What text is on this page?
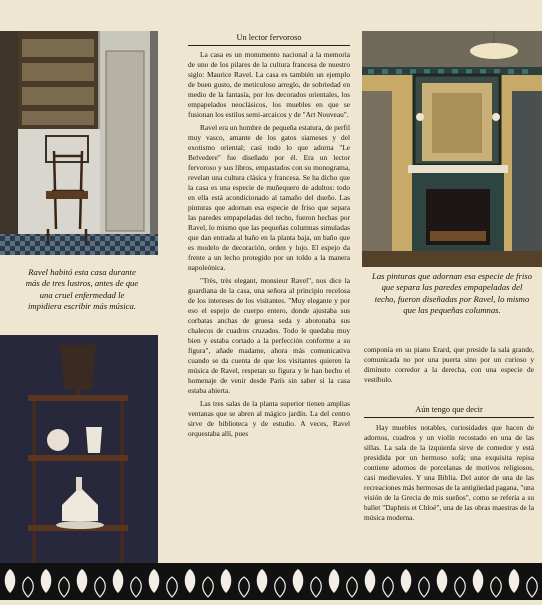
Ravel habitó esta casa durante más de tres lustros, antes de que una cruel enfermedad le impidiera escribir más música.
Las pinturas que adornan esa especie de friso que separa las paredes empapeladas del techo, fueron diseñadas por Ravel, lo mismo que las pequeñas columnas.
Un lector fervoroso

La casa es un monumento nacional a la memoria de uno de los pilares de la cultura francesa de nuestro siglo: Maurice Ravel. La casa es también un ejemplo de buen gusto, de meticuloso arreglo, de sobriedad en medio de la fantasía, por los decorados orientales, los empapelados neoclásicos, los muebles en que se fusionan los estilos semi-arcaicos y de "Art Nouveau".

Ravel era un hombre de pequeña estatura, de perfil muy vasco, amante de los gatos siameses y del exotismo oriental; casi todo lo que adorna "Le Belvedere" fue diseñado por él. Era un lector fervoroso y sus libros, empastados con su monograma, revelan una cultura clásica y francesa. Se ha dicho que la casa es una especie de muñequero de adultos: todo en ella está acondicionado al tamaño del dueño. Las pinturas que adornan esa especie de friso que separa las paredes empapeladas del techo, fueron hechas por Ravel, lo mismo que las pequeñas columnas simuladas que dan entrada al baño en la planta baja, un baño que es modelo de decoración, orden y lujo. El espejo da frente a un lecho protegido por un toldo a la manera napoleónica.

"Très, très elegant, monsieur Ravel", nos dice la guardiana de la casa, una señora al principio recelosa de los intereses de los visitantes. "Muy elegante y por eso el espejo de cuerpo entero, donde ajustaba sus corbatas anchas de gruesa seda y abotonaba sus chalecos de cuadros cruzados. Todo le quedaba muy bien y estaba cortado a la perfección conforme a su figura", añade madame, ahora más comunicativa cuando se da cuenta de que los visitantes quieren la música de Ravel, respetan su figura y le han hecho el homenaje de venir desde París sin saber si la casa estaba abierta.

Las tres salas de la planta superior tienen amplias ventanas que se abren al mágico jardín. La del centro sirve de biblioteca y de estudio. A veces, Ravel orquestaba allí, pues

componía en su piano Erard, que preside la sala grande, comunicada no por una puerta sino por un curioso y diminuto corredor a la derecha, con una especie de vestíbulo.

Aún tengo que decir

Hay muebles notables, curiosidades que hacen de adornos, cuadros y un violín recostado en una de las sillas. La sala de la izquierda sirve de comedor y está presidida por un hermoso sofá; una exquisita repisa contiene adornos de porcelanas de motivos religiosos, casi medievales. Y una Biblia. Del autor de una de las recreaciones más hermosas de la antigüedad pagana, "una visión de la Grecia de mis sueños", como se refería a su ballet "Daphnis et Chloé", una de las obras maestras de la música moderna.
